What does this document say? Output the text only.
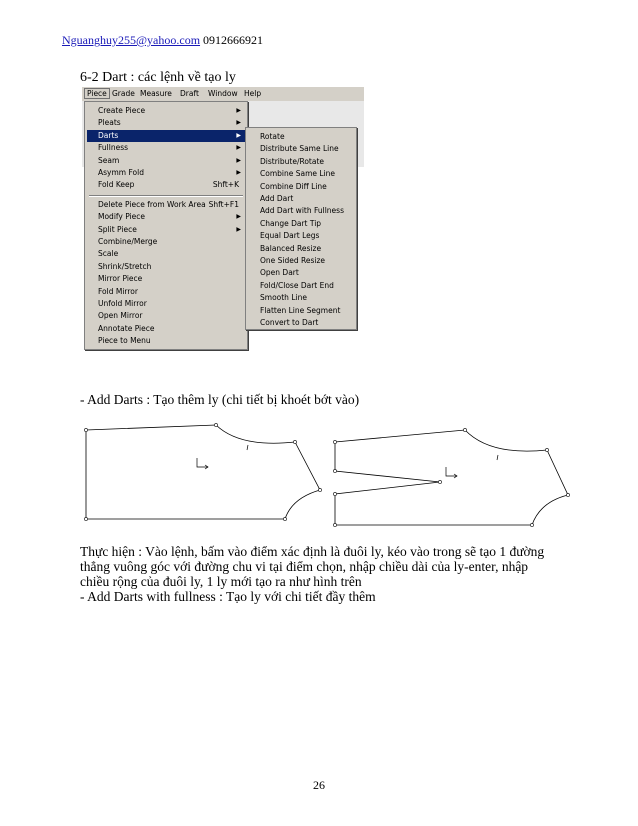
Nguanghuy255@yahoo.com 0912666921
6-2 Dart : các lệnh về tạo ly
Piece Grade Measure Draft Window Help
Create Piece	▶
Pleats	▶
Darts	▶
Fullness	▶
Seam	▶
Asymm Fold	▶
Fold Keep	Shft+K
Delete Piece from Work Area Shft+F1
Modify Piece	▶
Split Piece	▶
Combine/Merge
Scale
Shrink/Stretch
Mirror Piece
Fold Mirror
Unfold Mirror
Open Mirror
Annotate Piece
Piece to Menu
Rotate
Distribute Same Line
Distribute/Rotate
Combine Same Line
Combine Diff Line
Add Dart
Add Dart with Fullness
Change Dart Tip
Equal Dart Legs
Balanced Resize
One Sided Resize
Open Dart
Fold/Close Dart End
Smooth Line
Flatten Line Segment
Convert to Dart
- Add Darts : Tạo thêm ly (chi tiết bị khoét bớt vào)
Thực hiện : Vào lệnh, bấm vào điểm xác định là đuôi ly, kéo vào trong sẽ tạo 1 đường
thẳng vuông góc với đường chu vi tại điểm chọn, nhập chiều dài của ly-enter, nhập
chiều rộng của đuôi ly, 1 ly mới tạo ra như hình trên
- Add Darts with fullness : Tạo ly với chi tiết đầy thêm
26
